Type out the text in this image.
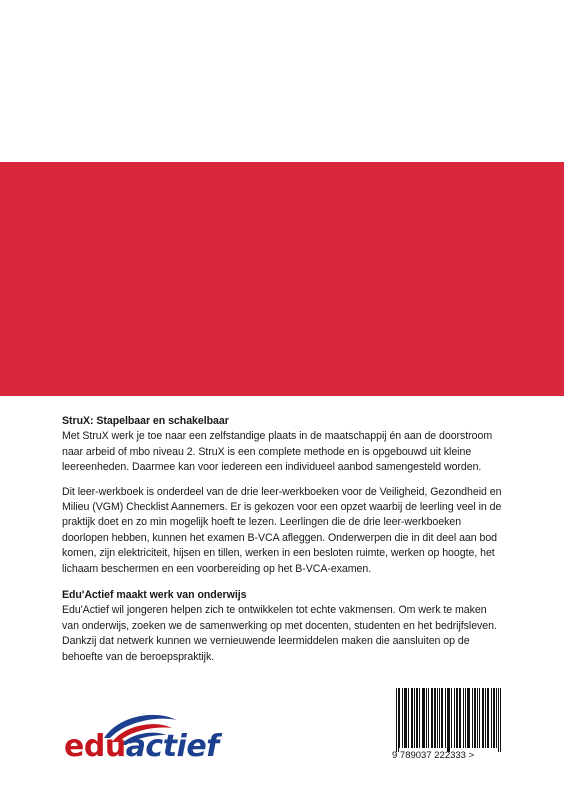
StruX: Stapelbaar en schakelbaar

Met StruX werk je toe naar een zelfstandige plaats in de maatschappij én aan de doorstroom naar arbeid of mbo niveau 2. StruX is een complete methode en is opgebouwd uit kleine leereenheden. Daarmee kan voor iedereen een individueel aanbod samengesteld worden.

Dit leer-werkboek is onderdeel van de drie leer-werkboeken voor de Veiligheid, Gezondheid en Milieu (VGM) Checklist Aannemers. Er is gekozen voor een opzet waarbij de leerling veel in de praktijk doet en zo min mogelijk hoeft te lezen. Leerlingen die de drie leer-werkboeken doorlopen hebben, kunnen het examen B-VCA afleggen. Onderwerpen die in dit deel aan bod komen, zijn elektriciteit, hijsen en tillen, werken in een besloten ruimte, werken op hoogte, het lichaam beschermen en een voorbereiding op het B-VCA-examen.

Edu'Actief maakt werk van onderwijs

Edu'Actief wil jongeren helpen zich te ontwikkelen tot echte vakmensen. Om werk te maken van onderwijs, zoeken we de samenwerking op met docenten, studenten en het bedrijfsleven. Dankzij dat netwerk kunnen we vernieuwende leermiddelen maken die aansluiten op de behoefte van de beroepspraktijk.

eduactief	9 789037 222333 >
